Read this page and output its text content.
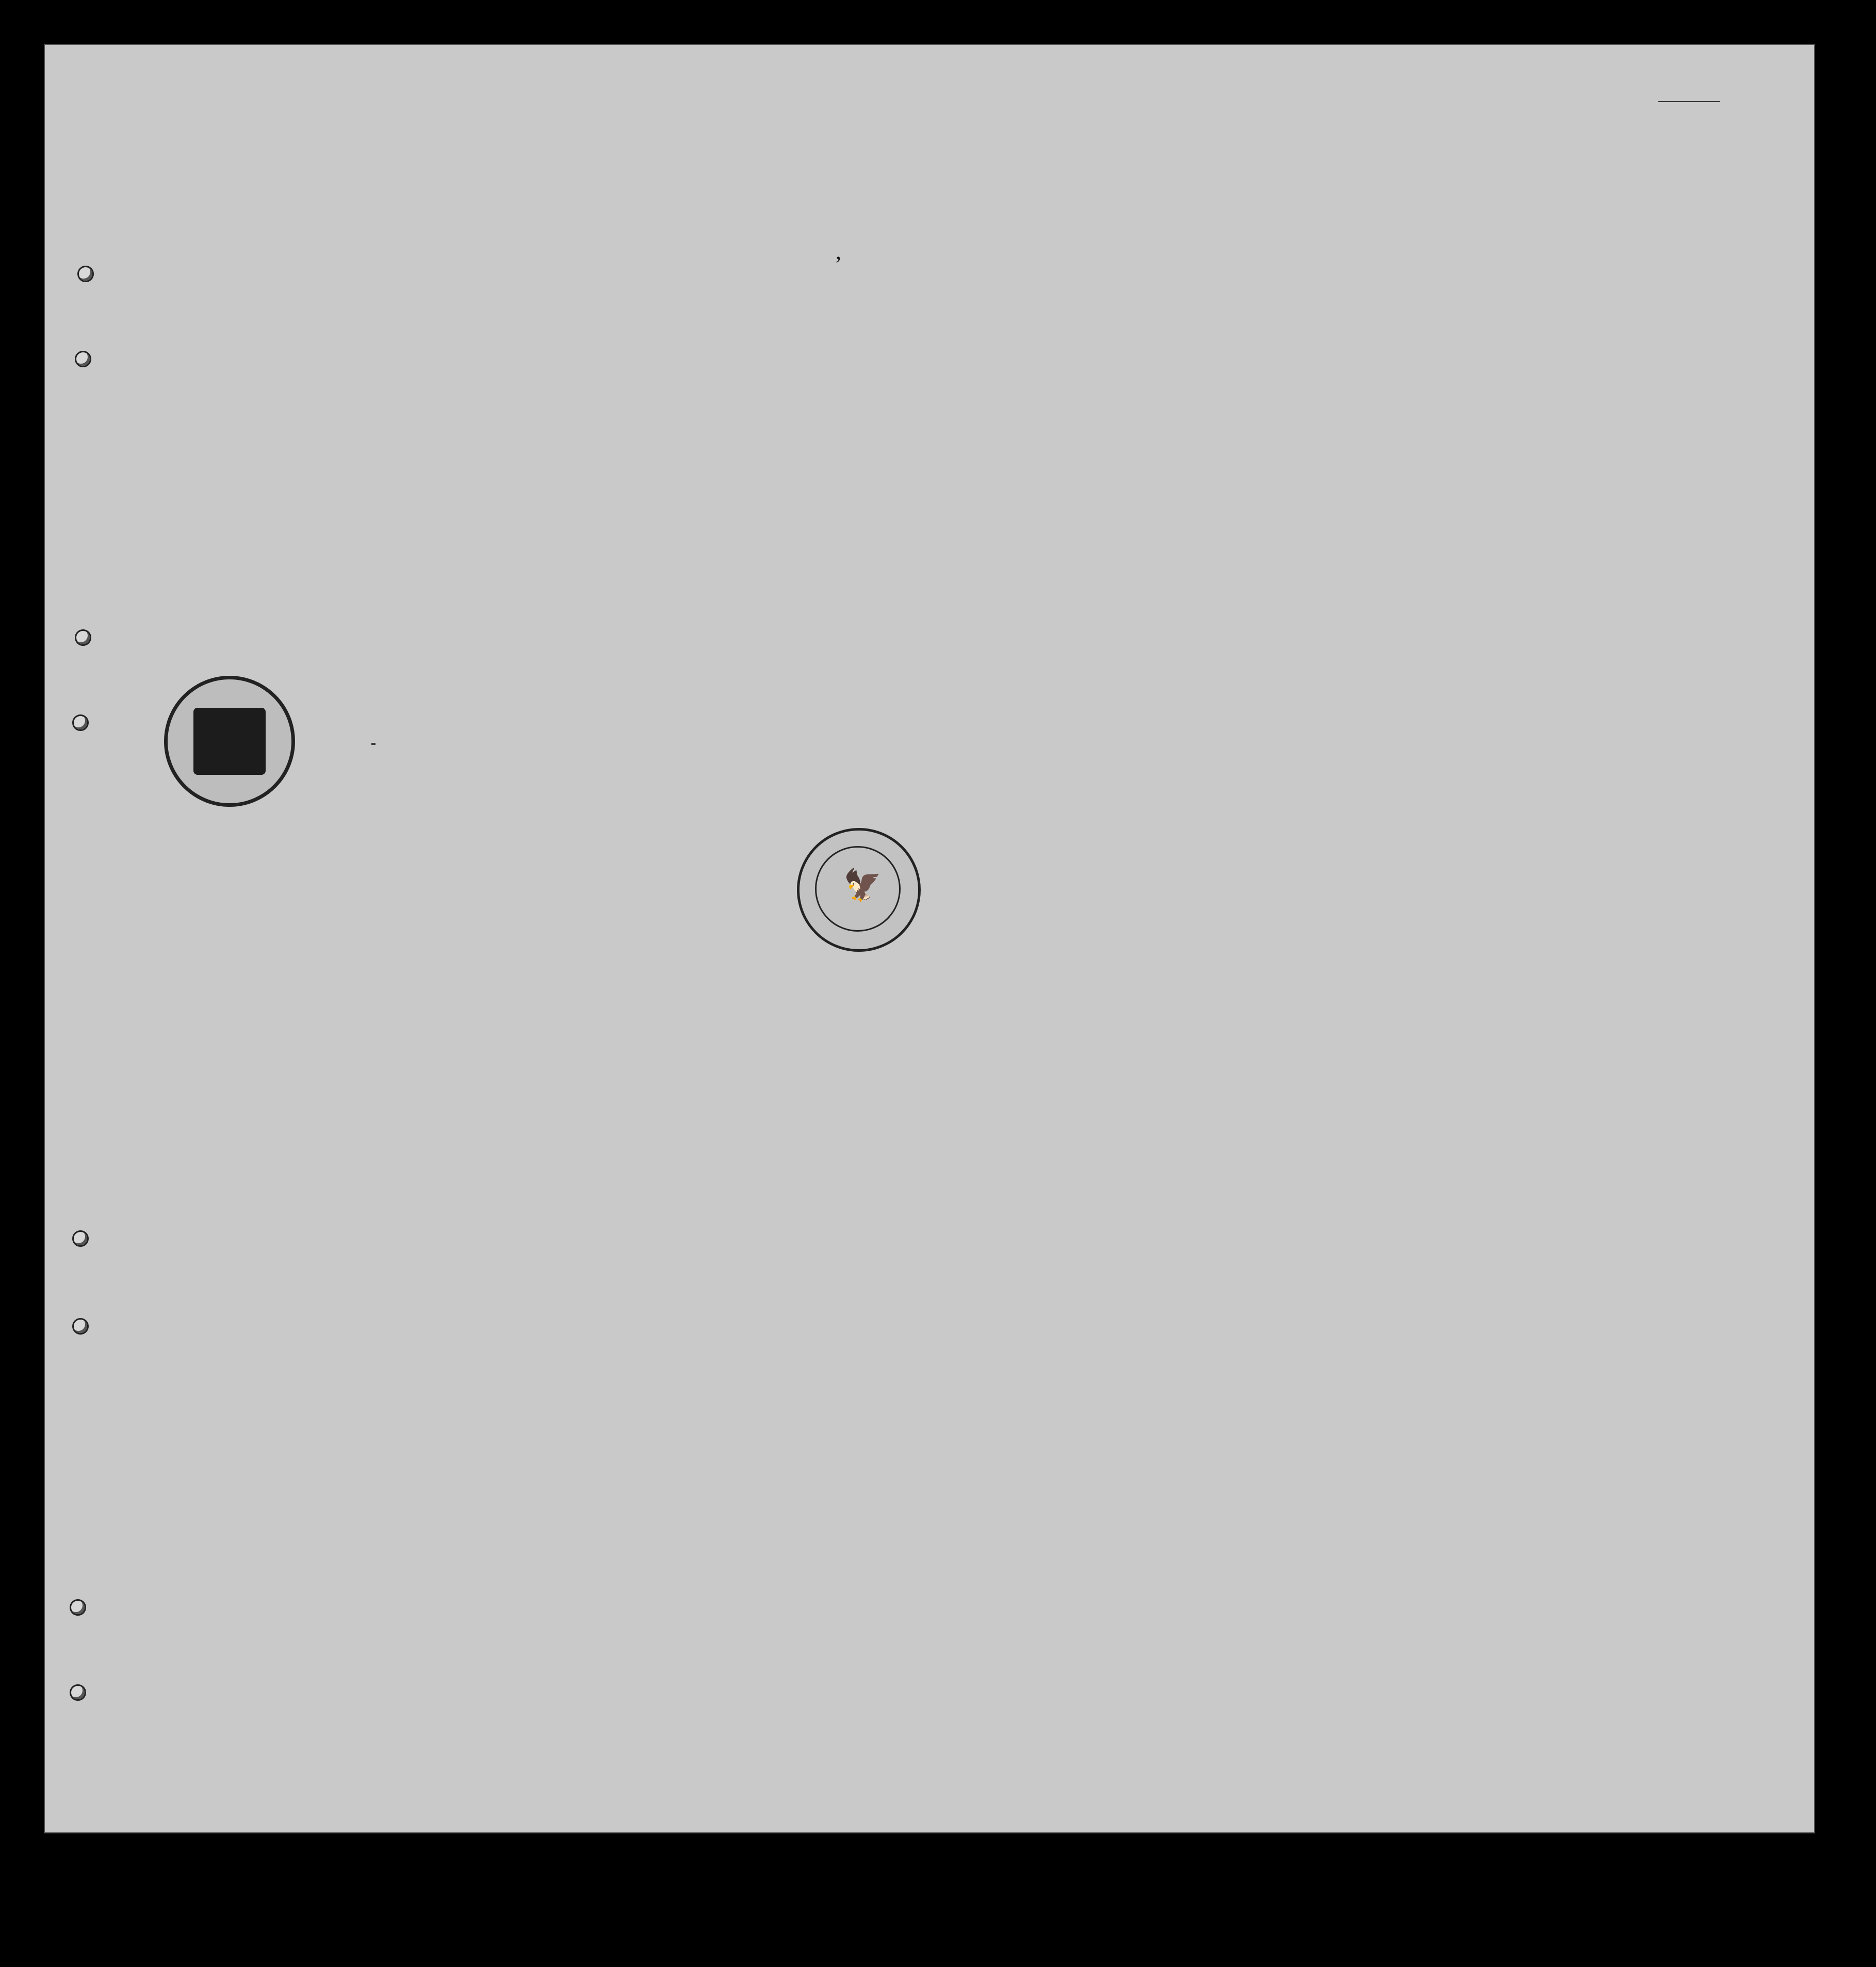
,
🦅
